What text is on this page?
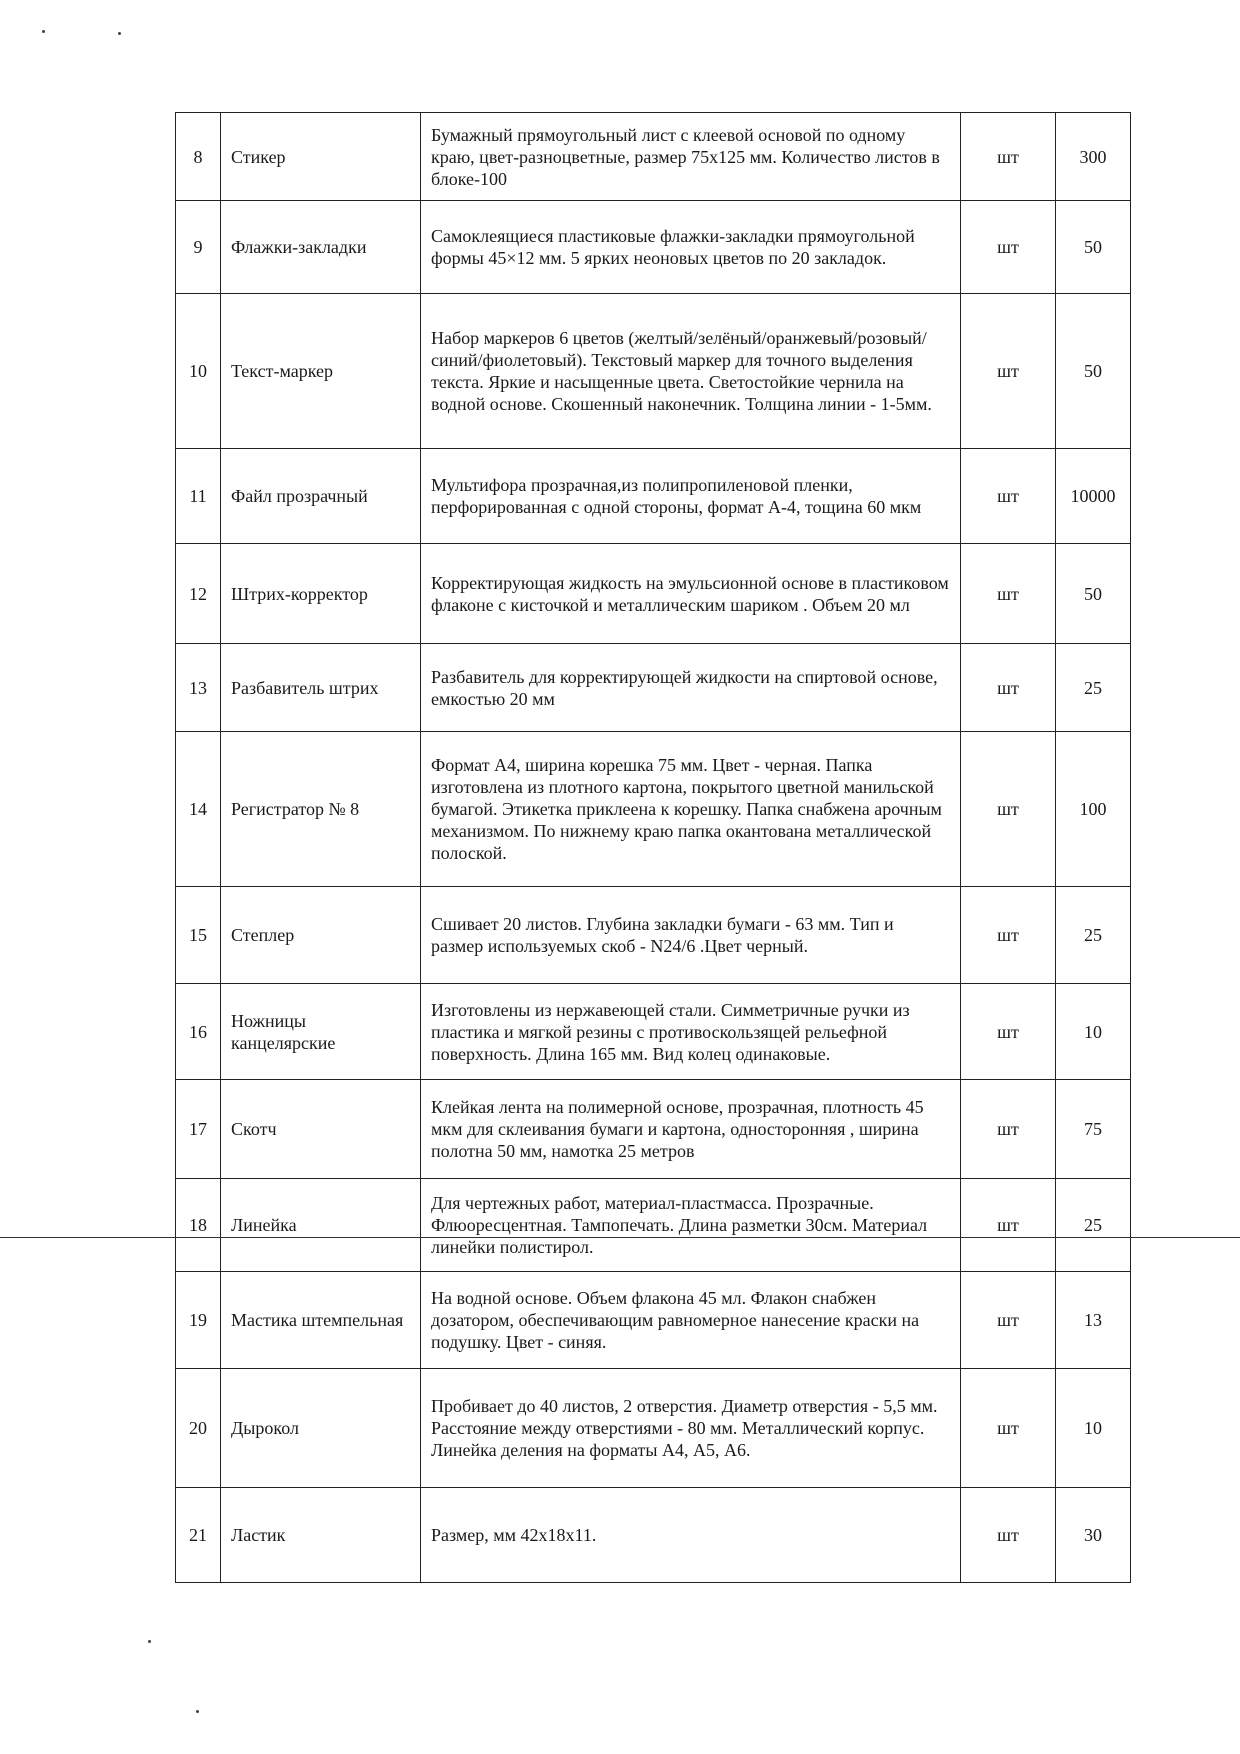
8	Стикер	Бумажный прямоугольный лист с клеевой основой по одному краю, цвет-разноцветные, размер 75х125 мм. Количество листов в блоке-100	шт	300
9	Флажки-закладки	Самоклеящиеся пластиковые флажки-закладки прямоугольной формы 45×12 мм. 5 ярких неоновых цветов по 20 закладок.	шт	50
10	Текст-маркер	Набор маркеров 6 цветов (желтый/зелёный/оранжевый/розовый/синий/фиолетовый). Текстовый маркер для точного выделения текста. Яркие и насыщенные цвета. Светостойкие чернила на водной основе. Скошенный наконечник. Толщина линии - 1-5мм.	шт	50
11	Файл прозрачный	Мультифора прозрачная,из полипропиленовой пленки, перфорированная с одной стороны, формат А-4, тощина 60 мкм	шт	10000
12	Штрих-корректор	Корректирующая жидкость на эмульсионной основе в пластиковом флаконе с кисточкой и металлическим шариком . Объем 20 мл	шт	50
13	Разбавитель штрих	Разбавитель для корректирующей жидкости на спиртовой основе, емкостью 20 мм	шт	25
14	Регистратор № 8	Формат А4, ширина корешка 75 мм. Цвет - черная. Папка изготовлена из плотного картона, покрытого цветной манильской бумагой. Этикетка приклеена к корешку. Папка снабжена арочным механизмом. По нижнему краю папка окантована металлической полоской.	шт	100
15	Степлер	Сшивает 20 листов. Глубина закладки бумаги - 63 мм. Тип и размер используемых скоб - N24/6 .Цвет черный.	шт	25
16	Ножницы канцелярские	Изготовлены из нержавеющей стали. Симметричные ручки из пластика и мягкой резины с противоскользящей рельефной поверхность. Длина 165 мм. Вид колец одинаковые.	шт	10
17	Скотч	Клейкая лента на полимерной основе, прозрачная, плотность 45 мкм для склеивания бумаги и картона, односторонняя , ширина полотна 50 мм, намотка 25 метров	шт	75
18	Линейка	Для чертежных работ, материал-пластмасса. Прозрачные. Флюоресцентная. Тампопечать. Длина разметки 30см. Материал линейки полистирол.	шт	25
19	Мастика штемпельная	На водной основе. Объем флакона 45 мл. Флакон снабжен дозатором, обеспечивающим равномерное нанесение краски на подушку. Цвет - синяя.	шт	13
20	Дырокол	Пробивает до 40 листов, 2 отверстия. Диаметр отверстия - 5,5 мм. Расстояние между отверстиями - 80 мм. Металлический корпус. Линейка деления на форматы А4, А5, А6.	шт	10
21	Ластик	Размер, мм 42х18х11.	шт	30
